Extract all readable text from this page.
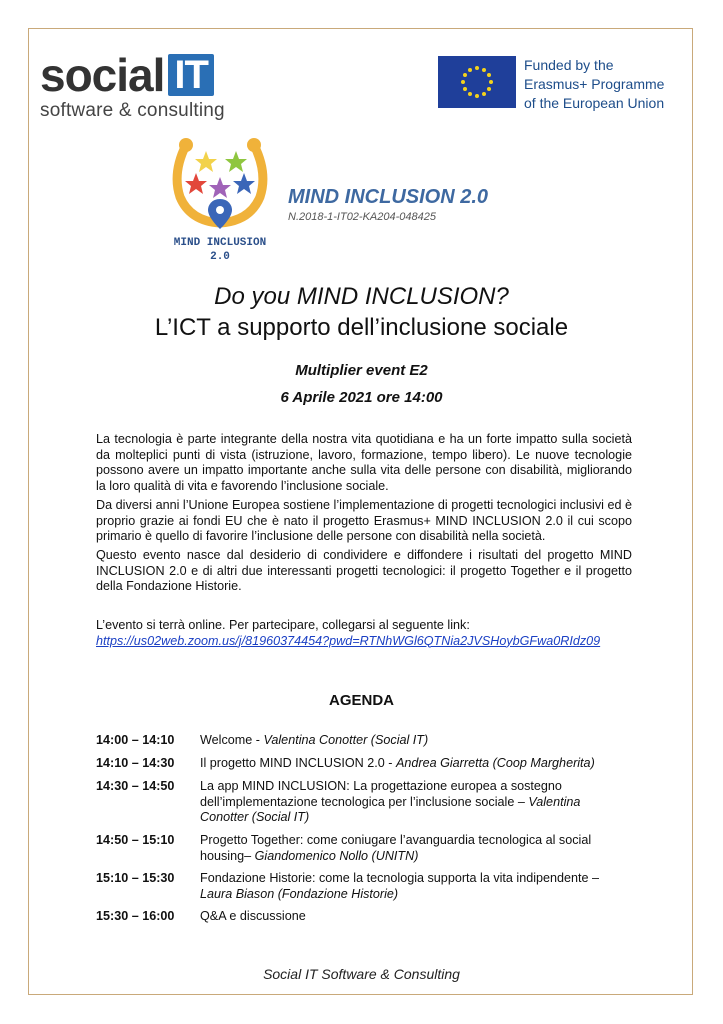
social IT
software & consulting
Funded by the
Erasmus+ Programme
of the European Union
MIND INCLUSION
2.0
MIND INCLUSION 2.0
N.2018-1-IT02-KA204-048425
Do you MIND INCLUSION?
L’ICT a supporto dell’inclusione sociale
Multiplier event E2
6 Aprile 2021 ore 14:00
La tecnologia è parte integrante della nostra vita quotidiana e ha un forte impatto sulla società da molteplici punti di vista (istruzione, lavoro, formazione, tempo libero). Le nuove tecnologie possono avere un impatto importante anche sulla vita delle persone con disabilità, migliorando la loro qualità di vita e favorendo l’inclusione sociale.
Da diversi anni l’Unione Europea sostiene l’implementazione di progetti tecnologici inclusivi ed è proprio grazie ai fondi EU che è nato il progetto Erasmus+ MIND INCLUSION 2.0 il cui scopo primario è quello di favorire l’inclusione delle persone con disabilità nella società.
Questo evento nasce dal desiderio di condividere e diffondere i risultati del progetto MIND INCLUSION 2.0 e di altri due interessanti progetti tecnologici: il progetto Together e il progetto della Fondazione Historie.
L’evento si terrà online. Per partecipare, collegarsi al seguente link:
https://us02web.zoom.us/j/81960374454?pwd=RTNhWGl6QTNia2JVSHoybGFwa0RIdz09
AGENDA
14:00 – 14:10	Welcome - Valentina Conotter (Social IT)
14:10 – 14:30	Il progetto MIND INCLUSION 2.0 - Andrea Giarretta (Coop Margherita)
14:30 – 14:50	La app MIND INCLUSION: La progettazione europea a sostegno dell’implementazione tecnologica per l’inclusione sociale – Valentina Conotter (Social IT)
14:50 – 15:10	Progetto Together: come coniugare l’avanguardia tecnologica al social housing– Giandomenico Nollo (UNITN)
15:10 – 15:30	Fondazione Historie: come la tecnologia supporta la vita indipendente – Laura Biason (Fondazione Historie)
15:30 – 16:00	Q&A e discussione
Social IT Software & Consulting
